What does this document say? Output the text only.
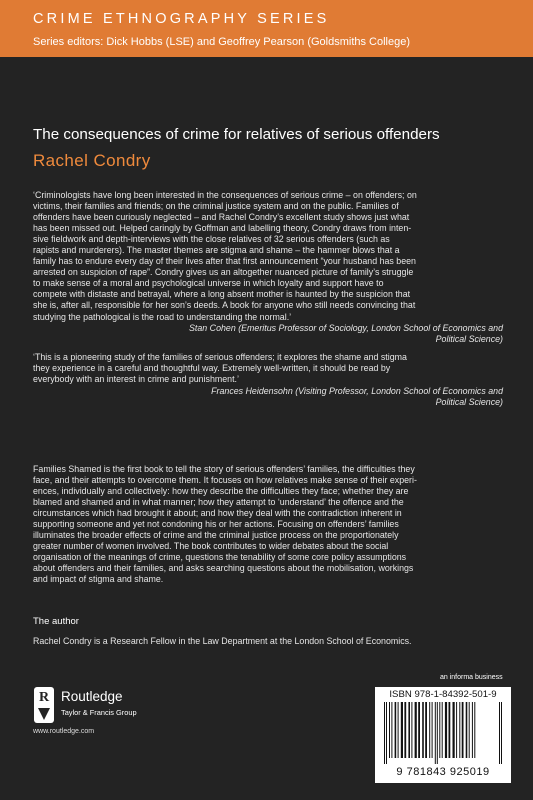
CRIME ETHNOGRAPHY SERIES
Series editors: Dick Hobbs (LSE) and Geoffrey Pearson (Goldsmiths College)
The consequences of crime for relatives of serious offenders
Rachel Condry
‘Criminologists have long been interested in the consequences of serious crime – on offenders; on
victims, their families and friends; on the criminal justice system and on the public. Families of
offenders have been curiously neglected – and Rachel Condry’s excellent study shows just what
has been missed out. Helped caringly by Goffman and labelling theory, Condry draws from inten-
sive fieldwork and depth-interviews with the close relatives of 32 serious offenders (such as
rapists and murderers). The master themes are stigma and shame – the hammer blows that a
family has to endure every day of their lives after that first announcement “your husband has been
arrested on suspicion of rape”. Condry gives us an altogether nuanced picture of family’s struggle
to make sense of a moral and psychological universe in which loyalty and support have to
compete with distaste and betrayal, where a long absent mother is haunted by the suspicion that
she is, after all, responsible for her son’s deeds. A book for anyone who still needs convincing that
studying the pathological is the road to understanding the normal.’
Stan Cohen (Emeritus Professor of Sociology, London School of Economics and
Political Science)
‘This is a pioneering study of the families of serious offenders; it explores the shame and stigma
they experience in a careful and thoughtful way. Extremely well-written, it should be read by
everybody with an interest in crime and punishment.’
Frances Heidensohn (Visiting Professor, London School of Economics and
Political Science)
Families Shamed is the first book to tell the story of serious offenders’ families, the difficulties they
face, and their attempts to overcome them. It focuses on how relatives make sense of their experi-
ences, individually and collectively: how they describe the difficulties they face; whether they are
blamed and shamed and in what manner; how they attempt to ‘understand’ the offence and the
circumstances which had brought it about; and how they deal with the contradiction inherent in
supporting someone and yet not condoning his or her actions. Focusing on offenders’ families
illuminates the broader effects of crime and the criminal justice process on the proportionately
greater number of women involved. The book contributes to wider debates about the social
organisation of the meanings of crime, questions the tenability of some core policy assumptions
about offenders and their families, and asks searching questions about the mobilisation, workings
and impact of stigma and shame.
The author
Rachel Condry is a Research Fellow in the Law Department at the London School of Economics.
R Routledge
Taylor & Francis Group
www.routledge.com
an informa business
ISBN 978-1-84392-501-9
9 781843 925019
